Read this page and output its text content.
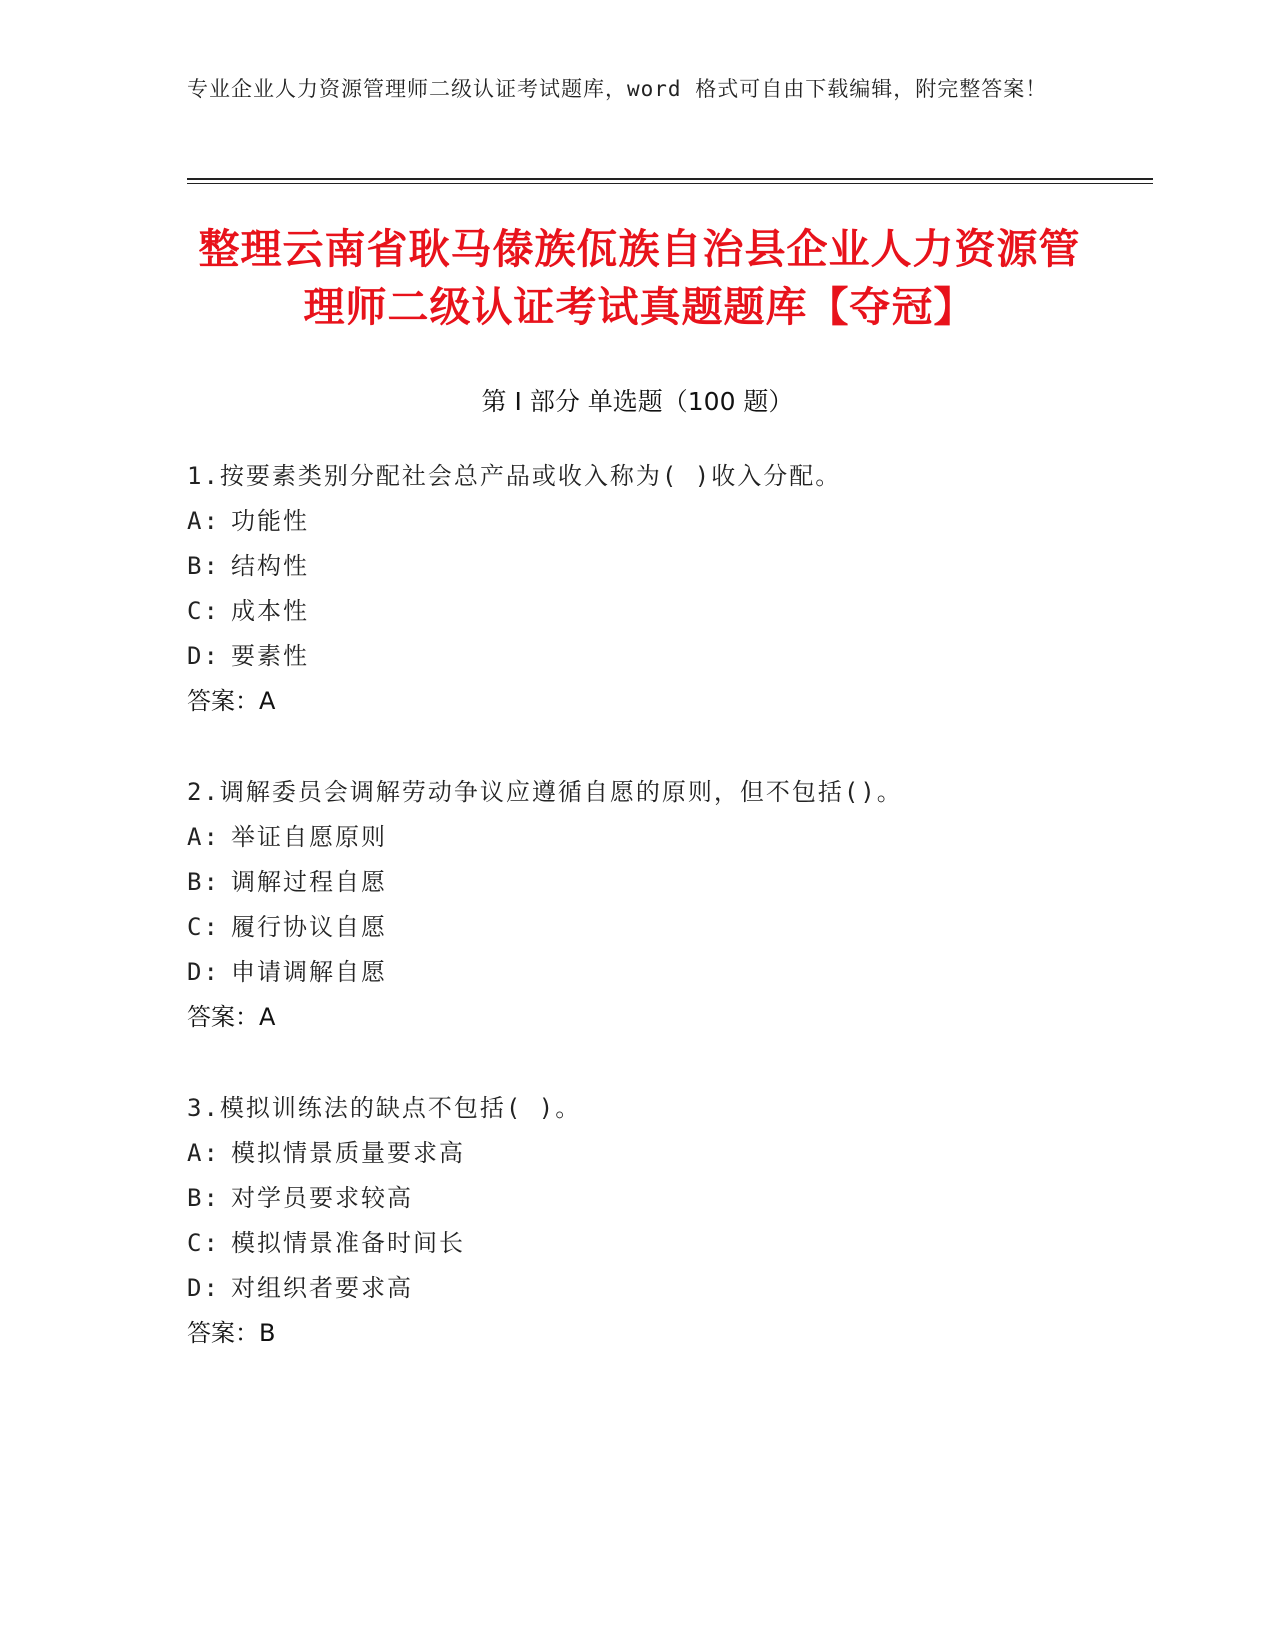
专业企业人力资源管理师二级认证考试题库，word 格式可自由下载编辑，附完整答案！
整理云南省耿马傣族佤族自治县企业人力资源管理师二级认证考试真题题库【夺冠】
第 I 部分 单选题（100 题）
1.按要素类别分配社会总产品或收入称为( )收入分配。
A: 功能性
B: 结构性
C: 成本性
D: 要素性
答案：A
2.调解委员会调解劳动争议应遵循自愿的原则，但不包括()。
A: 举证自愿原则
B: 调解过程自愿
C: 履行协议自愿
D: 申请调解自愿
答案：A
3.模拟训练法的缺点不包括( )。
A: 模拟情景质量要求高
B: 对学员要求较高
C: 模拟情景准备时间长
D: 对组织者要求高
答案：B
